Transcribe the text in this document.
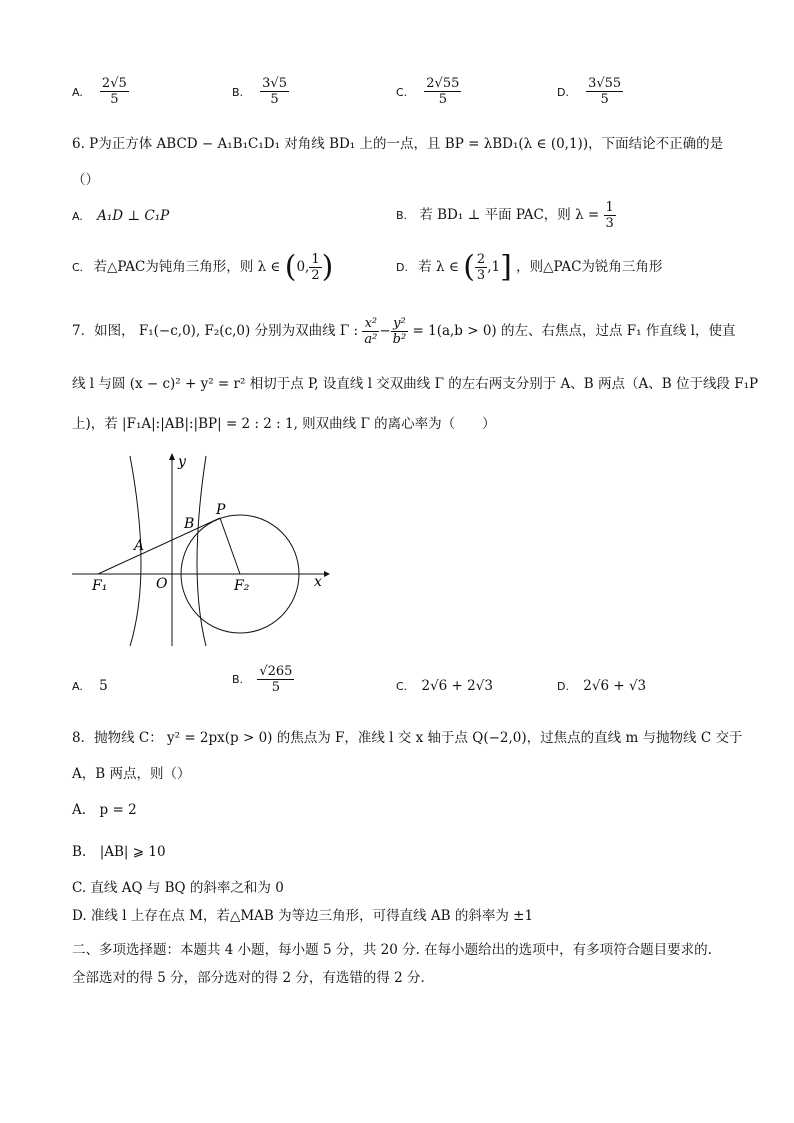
A. $\frac{2√5}{5}$	B. $\frac{3√5}{5}$	C. $\frac{2√55}{5}$	D. $\frac{3√55}{5}$
6. P为正方体 ABCD − A₁B₁C₁D₁ 对角线 BD₁ 上的一点，且 BP = λBD₁(λ ∈ (0,1))，下面结论不正确的是
（）
A. A₁D ⊥ C₁P	B. 若 BD₁ ⊥ 平面 PAC，则 $\lambda = \frac{1}{3}$
C. 若△PAC为钝角三角形，则 λ ∈ (0, $\frac{1}{2}$ )	D. 若 λ ∈ ( $\frac{2}{3} ,1$] ，则△PAC为锐角三角形
7．如图， F₁(−c,0), F₂(c,0) 分别为双曲线 Γ : $\frac{\text{x²}}{\text{a²}} - \frac{\text{y²}}{\text{b²}} = 1(a,b > 0)$ 的左、右焦点，过点 F₁ 作直线 l，使直
线 l 与圆 (x − c)² + y² = r² 相切于点 P, 设直线 l 交双曲线 Γ 的左右两支分别于 A、B 两点（A、B 位于线段 F₁P
上)，若 |F₁A|:|AB|:|BP| = 2 : 2 : 1, 则双曲线 Γ 的离心率为（　　）
y
x
P
B
A
O
F₁	F₂
A. 5	B. $\frac{√265}{5}$	C. 2√6 + 2√3	D. 2√6 + √3
8．抛物线 C： y² = 2px(p > 0) 的焦点为 F，准线 l 交 x 轴于点 Q(−2,0)，过焦点的直线 m 与抛物线 C 交于
A，B 两点，则（）
A.　p = 2
B.　|AB| ⩾ 10
C. 直线 AQ 与 BQ 的斜率之和为 0
D. 准线 l 上存在点 M，若△MAB 为等边三角形，可得直线 AB 的斜率为 ±1
二、多项选择题：本题共 4 小题，每小题 5 分，共 20 分. 在每小题给出的选项中，有多项符合题目要求的.
全部选对的得 5 分，部分选对的得 2 分，有选错的得 2 分.
